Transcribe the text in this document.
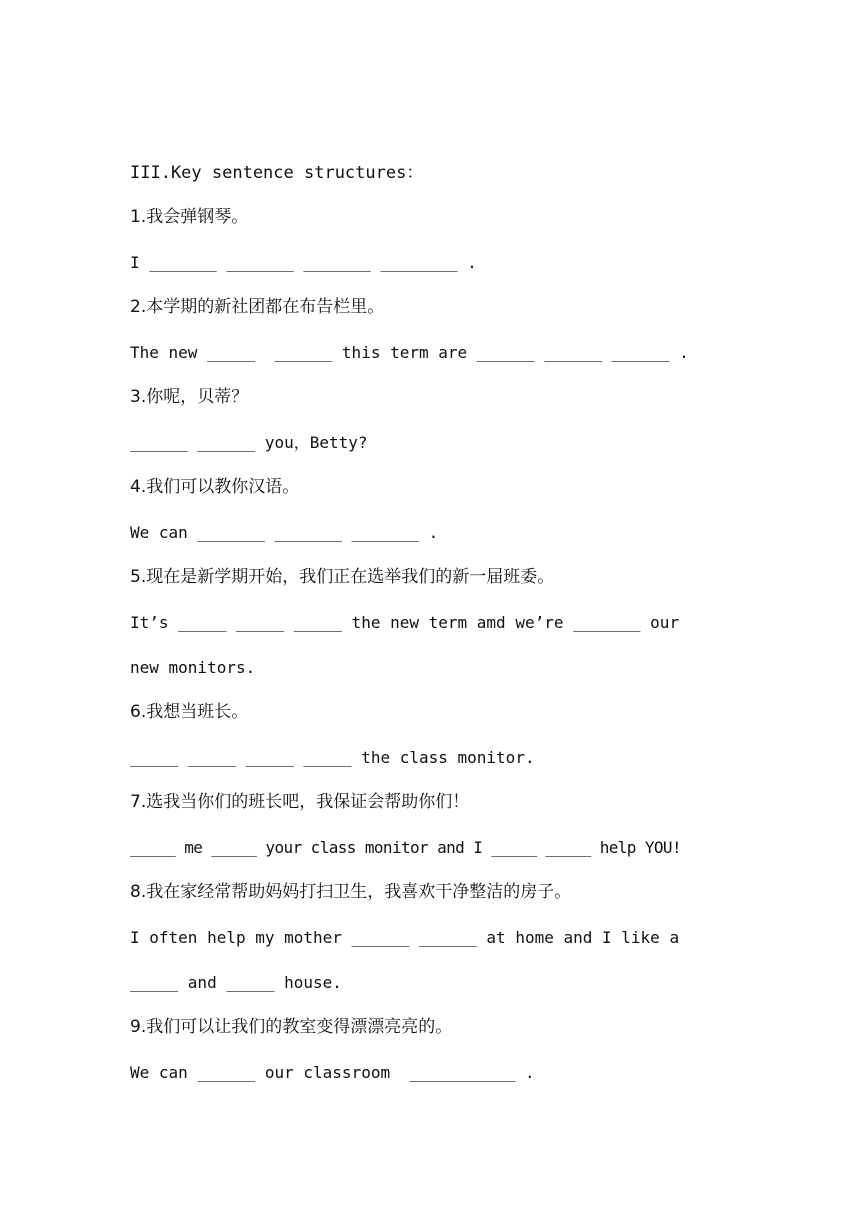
III.Key sentence structures：
1.我会弹钢琴。
I _______ _______ _______ ________ .
2.本学期的新社团都在布告栏里。
The new _____  ______ this term are ______ ______ ______ .
3.你呢，贝蒂？
______ ______ you，Betty?
4.我们可以教你汉语。
We can _______ _______ _______ .
5.现在是新学期开始，我们正在选举我们的新一届班委。
It’s _____ _____ _____ the new term amd we’re _______ our
new monitors.
6.我想当班长。
_____ _____ _____ _____ the class monitor.
7.选我当你们的班长吧，我保证会帮助你们！
_____ me _____ your class monitor and I _____ _____ help YOU!
8.我在家经常帮助妈妈打扫卫生，我喜欢干净整洁的房子。
I often help my mother ______ ______ at home and I like a
_____ and _____ house.
9.我们可以让我们的教室变得漂漂亮亮的。
We can ______ our classroom  ___________ .
